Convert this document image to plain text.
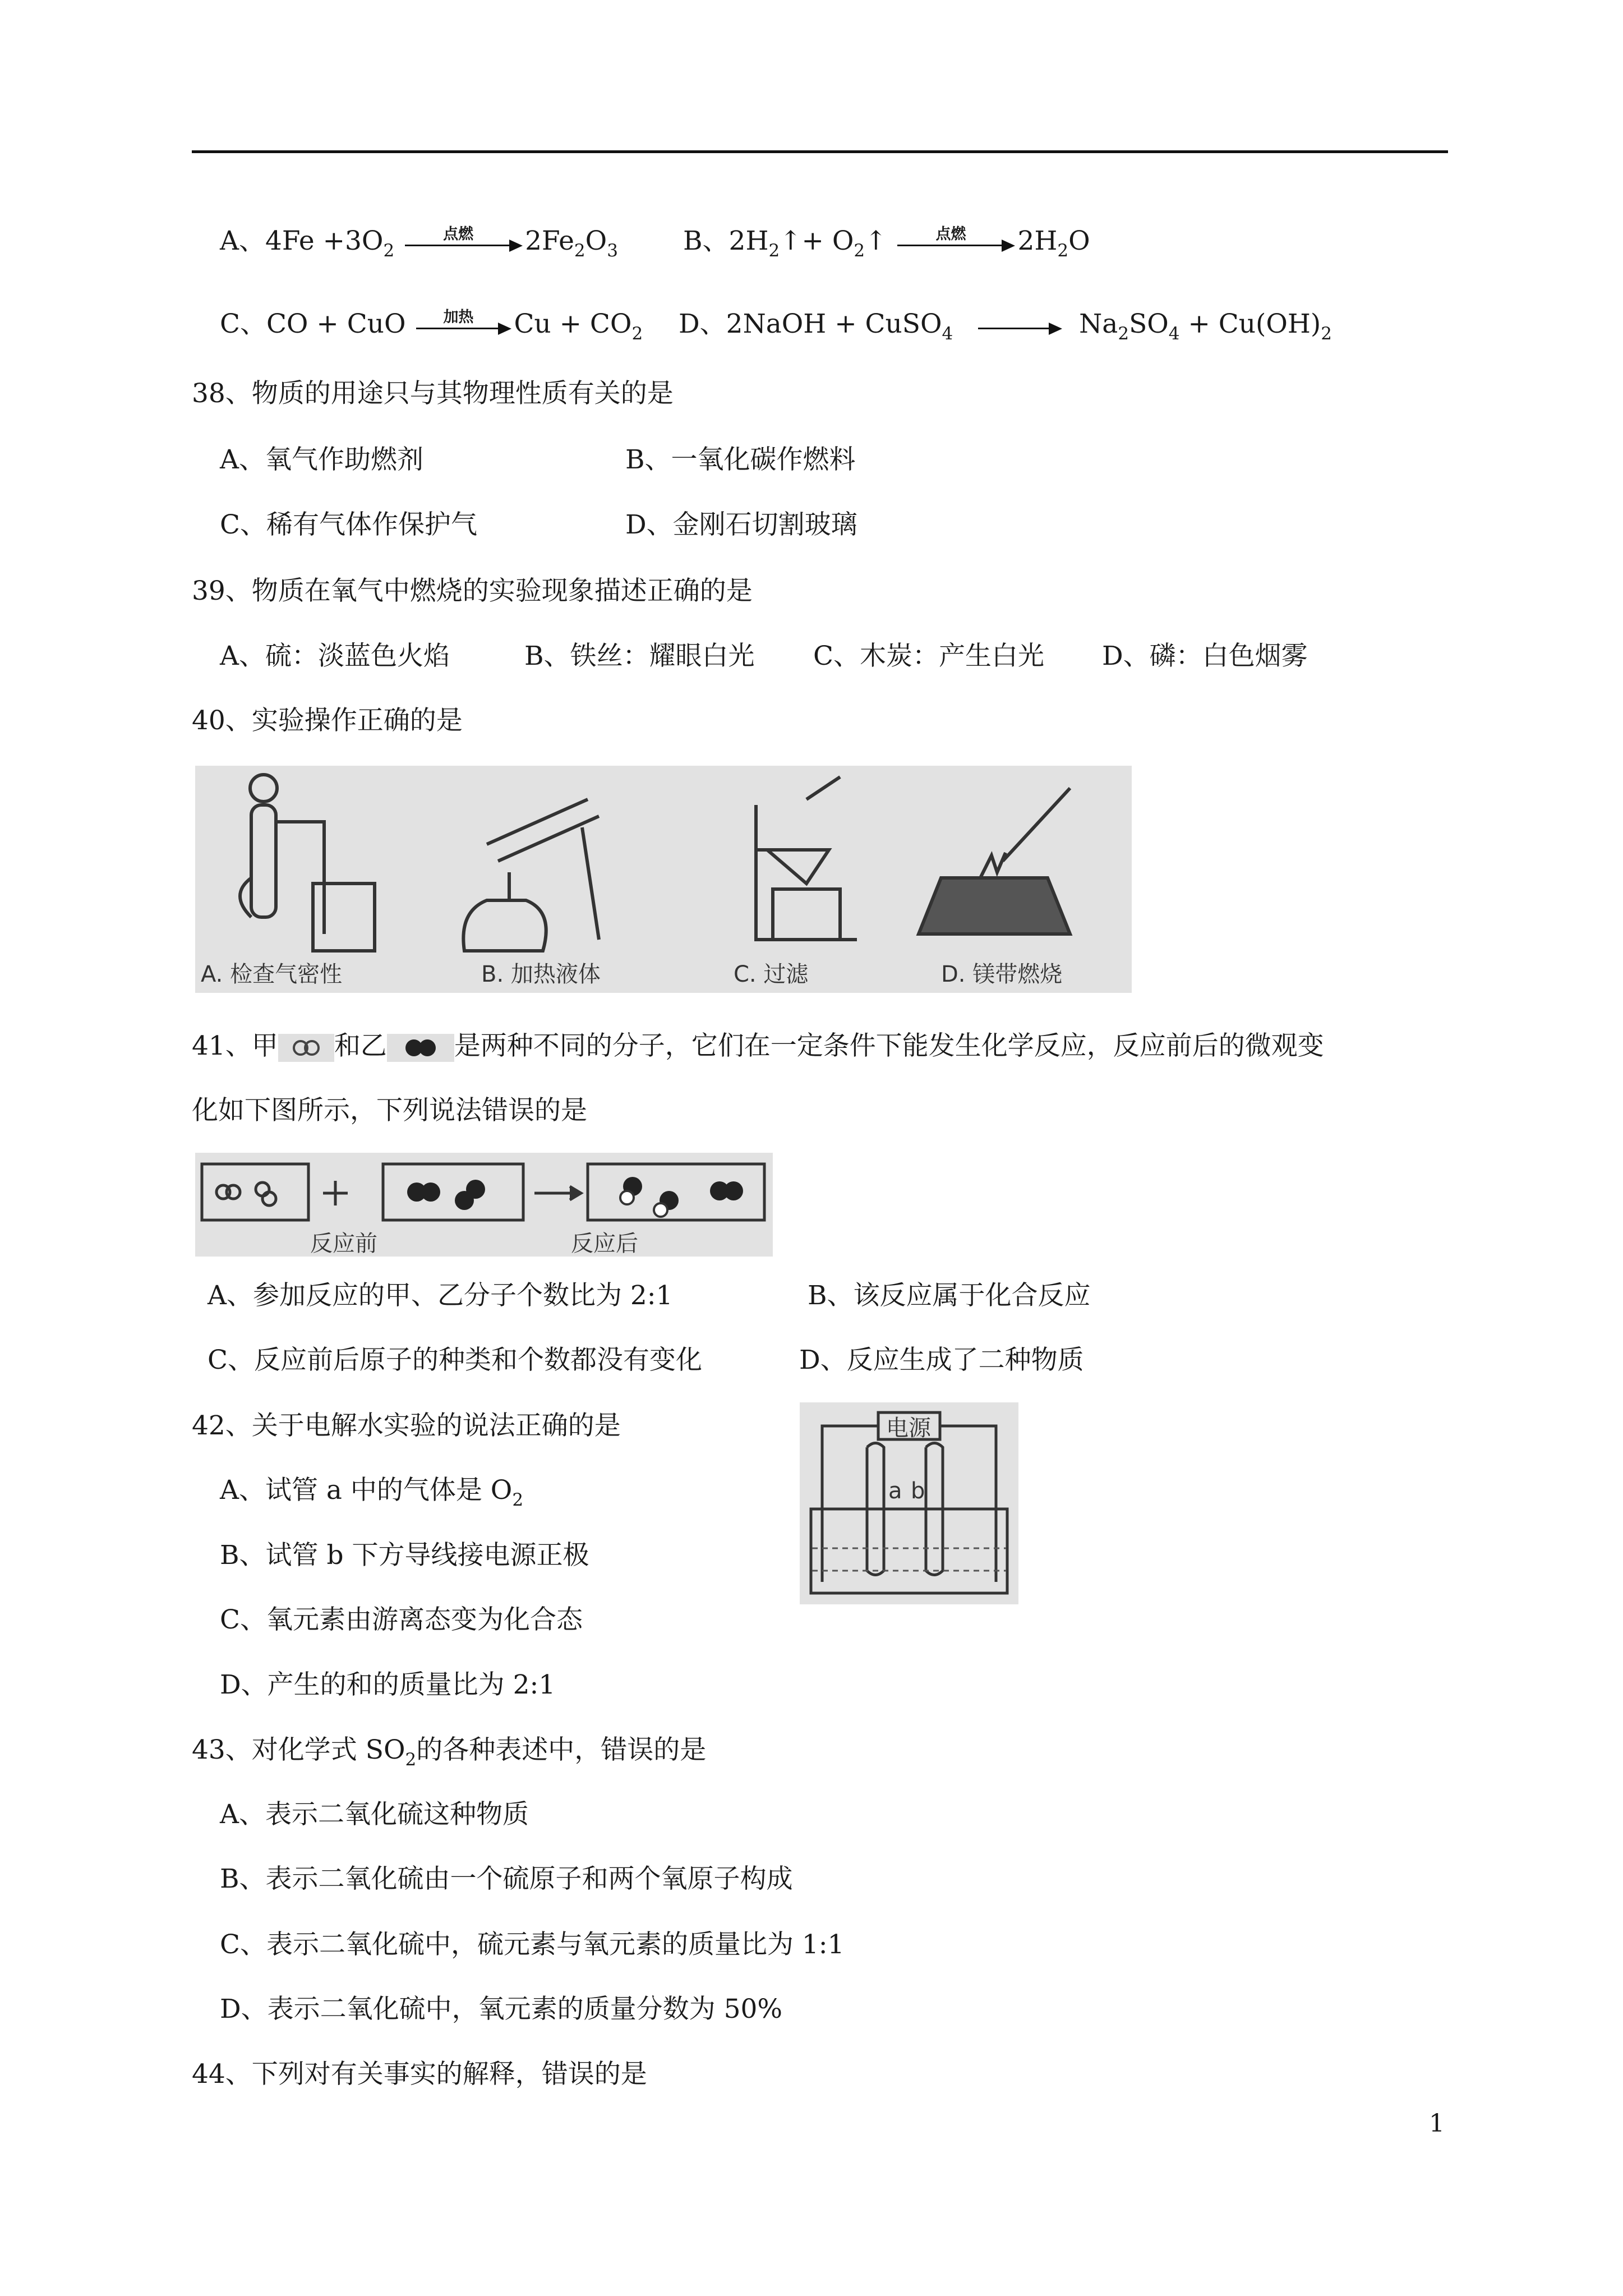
A、$4Fe +3O_2$
点燃	$2Fe_2O_3$ B、$2H_2↑+$ $O_2↑$	点燃	$2H_2O$
C、CO + CuO	加热	$Cu + CO_2$ D、2NaOH + CuSO$_4$	$Na_2SO_4 + Cu(OH)_2$
38、物质的用途只与其物理性质有关的是
A、氧气作助燃剂	B、一氧化碳作燃料
C、稀有气体作保护气	D、金刚石切割玻璃
39、物质在氧气中燃烧的实验现象描述正确的是
A、硫：淡蓝色火焰	B、铁丝：耀眼白光 C、木炭：产生白光 D、磷：白色烟雾
40、实验操作正确的是
A. 检查气密性	B. 加热液体	C. 过滤	D. 镁带燃烧
41、甲 和乙	是两种不同的分子，它们在一定条件下能发生化学反应，反应前后的微观变
化如下图所示，下列说法错误的是
反应前	反应后
A、参加反应的甲、乙分子个数比为 2:1	B、该反应属于化合反应
C、反应前后原子的种类和个数都没有变化	D、反应生成了二种物质
42、关于电解水实验的说法正确的是
A、试管 a 中的气体是 $O_2$
B、试管 b 下方导线接电源正极
C、氧元素由游离态变为化合态
D、产生的和的质量比为 2:1
电源
a b
43、对化学式 $SO_2$的各种表述中，错误的是
A、表示二氧化硫这种物质
B、表示二氧化硫由一个硫原子和两个氧原子构成
C、表示二氧化硫中，硫元素与氧元素的质量比为 1:1
D、表示二氧化硫中，氧元素的质量分数为 50%
44、下列对有关事实的解释，错误的是
1
